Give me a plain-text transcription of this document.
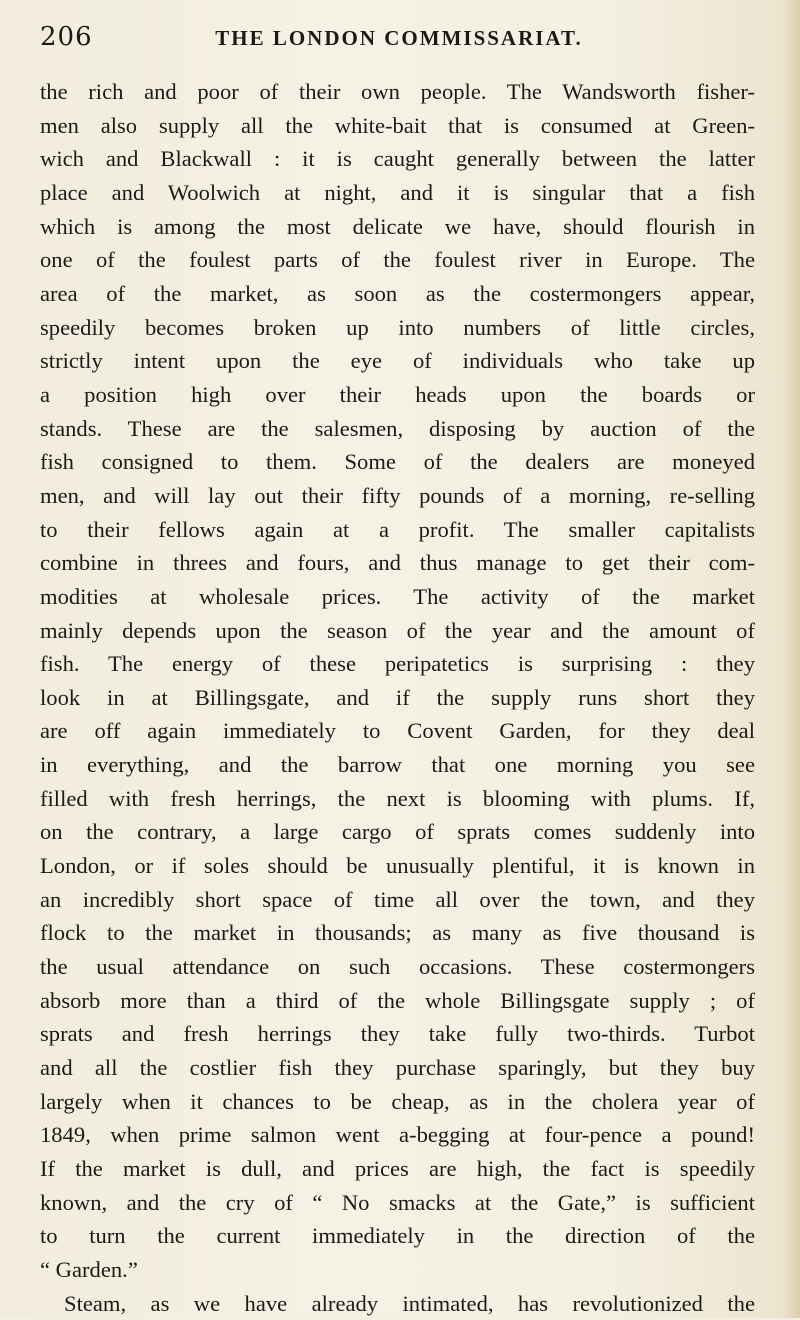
206	THE LONDON COMMISSARIAT.
the rich and poor of their own people. The Wandsworth fisher-
men also supply all the white-bait that is consumed at Green-
wich and Blackwall : it is caught generally between the latter
place and Woolwich at night, and it is singular that a fish
which is among the most delicate we have, should flourish in
one of the foulest parts of the foulest river in Europe. The
area of the market, as soon as the costermongers appear,
speedily becomes broken up into numbers of little circles,
strictly intent upon the eye of individuals who take up
a position high over their heads upon the boards or
stands. These are the salesmen, disposing by auction of the
fish consigned to them. Some of the dealers are moneyed
men, and will lay out their fifty pounds of a morning, re-selling
to their fellows again at a profit. The smaller capitalists
combine in threes and fours, and thus manage to get their com-
modities at wholesale prices. The activity of the market
mainly depends upon the season of the year and the amount of
fish. The energy of these peripatetics is surprising : they
look in at Billingsgate, and if the supply runs short they
are off again immediately to Covent Garden, for they deal
in everything, and the barrow that one morning you see
filled with fresh herrings, the next is blooming with plums. If,
on the contrary, a large cargo of sprats comes suddenly into
London, or if soles should be unusually plentiful, it is known in
an incredibly short space of time all over the town, and they
flock to the market in thousands; as many as five thousand is
the usual attendance on such occasions. These costermongers
absorb more than a third of the whole Billingsgate supply ; of
sprats and fresh herrings they take fully two-thirds. Turbot
and all the costlier fish they purchase sparingly, but they buy
largely when it chances to be cheap, as in the cholera year of
1849, when prime salmon went a-begging at four-pence a pound!
If the market is dull, and prices are high, the fact is speedily
known, and the cry of “ No smacks at the Gate,” is sufficient
to turn the current immediately in the direction of the
“ Garden.”
Steam, as we have already intimated, has revolutionized the
